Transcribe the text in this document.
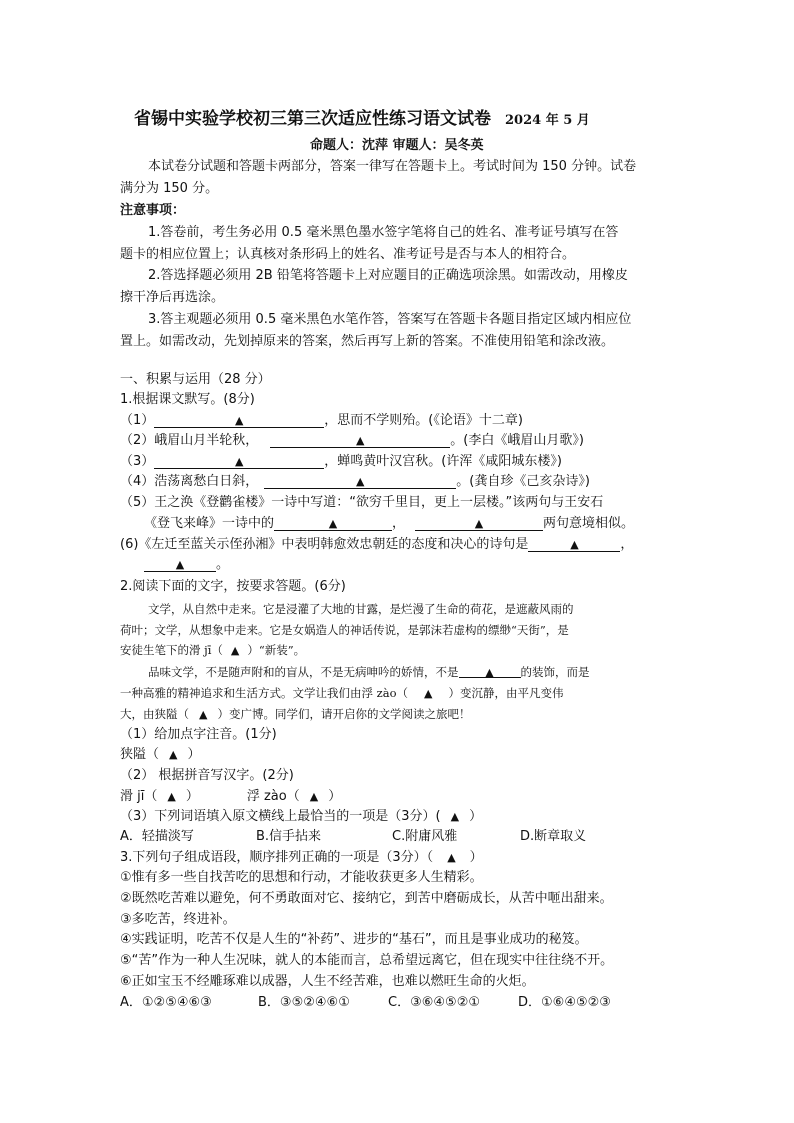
省锡中实验学校初三第三次适应性练习语文试卷 2024 年 5 月
命题人：沈萍 审题人：吴冬英
本试卷分试题和答题卡两部分，答案一律写在答题卡上。考试时间为 150 分钟。试卷
满分为 150 分。
注意事项：
1.答卷前，考生务必用 0.5 毫米黑色墨水签字笔将自己的姓名、准考证号填写在答
题卡的相应位置上；认真核对条形码上的姓名、准考证号是否与本人的相符合。
2.答选择题必须用 2B 铅笔将答题卡上对应题目的正确选项涂黑。如需改动，用橡皮
擦干净后再选涂。
3.答主观题必须用 0.5 毫米黑色水笔作答，答案写在答题卡各题目指定区域内相应位
置上。如需改动，先划掉原来的答案，然后再写上新的答案。不准使用铅笔和涂改液。
一、积累与运用（28 分）
1.根据课文默写。(8分)
（1）	▲	，思而不学则殆。(《论语》十二章)
（2）峨眉山月半轮秋，	▲	。(李白《峨眉山月歌》)
（3）	▲	，蝉鸣黄叶汉宫秋。(许浑《咸阳城东楼》)
（4）浩荡离愁白日斜，	▲	。(龚自珍《己亥杂诗》)
（5）王之涣《登鹳雀楼》一诗中写道：“欲穷千里目，更上一层楼。”该两句与王安石
《登飞来峰》一诗中的	▲	，	▲	两句意境相似。
(6)《左迁至蓝关示侄孙湘》中表明韩愈效忠朝廷的态度和决心的诗句是	▲	，
▲ 。
2.阅读下面的文字，按要求答题。(6分)
文学，从自然中走来。它是浸灌了大地的甘露，是烂漫了生命的荷花，是遮蔽风雨的
荷叶；文学，从想象中走来。它是女娲造人的神话传说，是郭沫若虚构的缥缈“天街”，是
安徒生笔下的滑 jī（ ▲ ）“新装”。
品味文学，不是随声附和的盲从，不是无病呻吟的娇情，不是 ▲ 的装饰，而是
一种高雅的精神追求和生活方式。文学让我们由浮 zào（ ▲ ）变沉静，由平凡变伟
大，由狭隘（ ▲ ）变广博。同学们，请开启你的文学阅读之旅吧！
（1）给加点字注音。(1分)
狭隘（ ▲ ）
（2） 根据拼音写汉字。(2分)
滑 jī（ ▲ ）	浮 zào（ ▲ ）
（3）下列词语填入原文横线上最恰当的一项是（3分）( ▲ ）
A．轻描淡写	B.信手拈来	C.附庸风雅	D.断章取义
3.下列句子组成语段，顺序排列正确的一项是（3分）（ ▲ ）
①惟有多一些自找苦吃的思想和行动，才能收获更多人生精彩。
②既然吃苦难以避免，何不勇敢面对它、接纳它，到苦中磨砺成长，从苦中咂出甜来。
③多吃苦，终进补。
④实践证明，吃苦不仅是人生的“补药”、进步的“基石”，而且是事业成功的秘笈。
⑤“苦”作为一种人生况味，就人的本能而言，总希望远离它，但在现实中往往绕不开。
⑥正如宝玉不经雕琢难以成器，人生不经苦难，也难以燃旺生命的火炬。
A．①②⑤④⑥③	B．③⑤②④⑥①	C．③⑥④⑤②①	D．①⑥④⑤②③
